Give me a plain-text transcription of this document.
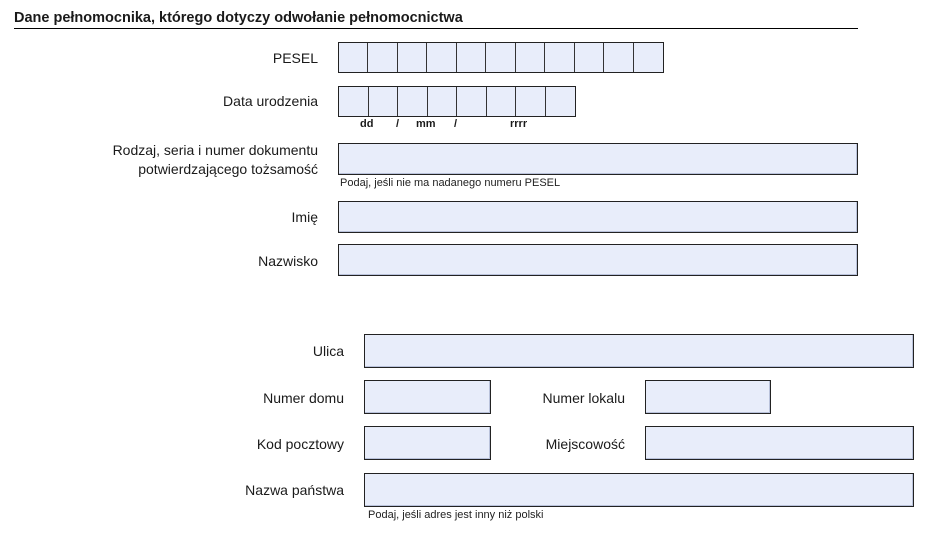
Dane pełnomocnika, którego dotyczy odwołanie pełnomocnictwa
PESEL
Data urodzenia
dd / mm /	rrrr
Rodzaj, seria i numer dokumentu
potwierdzającego tożsamość
Podaj, jeśli nie ma nadanego numeru PESEL
Imię
Nazwisko
Ulica
Numer domu	Numer lokalu
Kod pocztowy	Miejscowość
Nazwa państwa
Podaj, jeśli adres jest inny niż polski
